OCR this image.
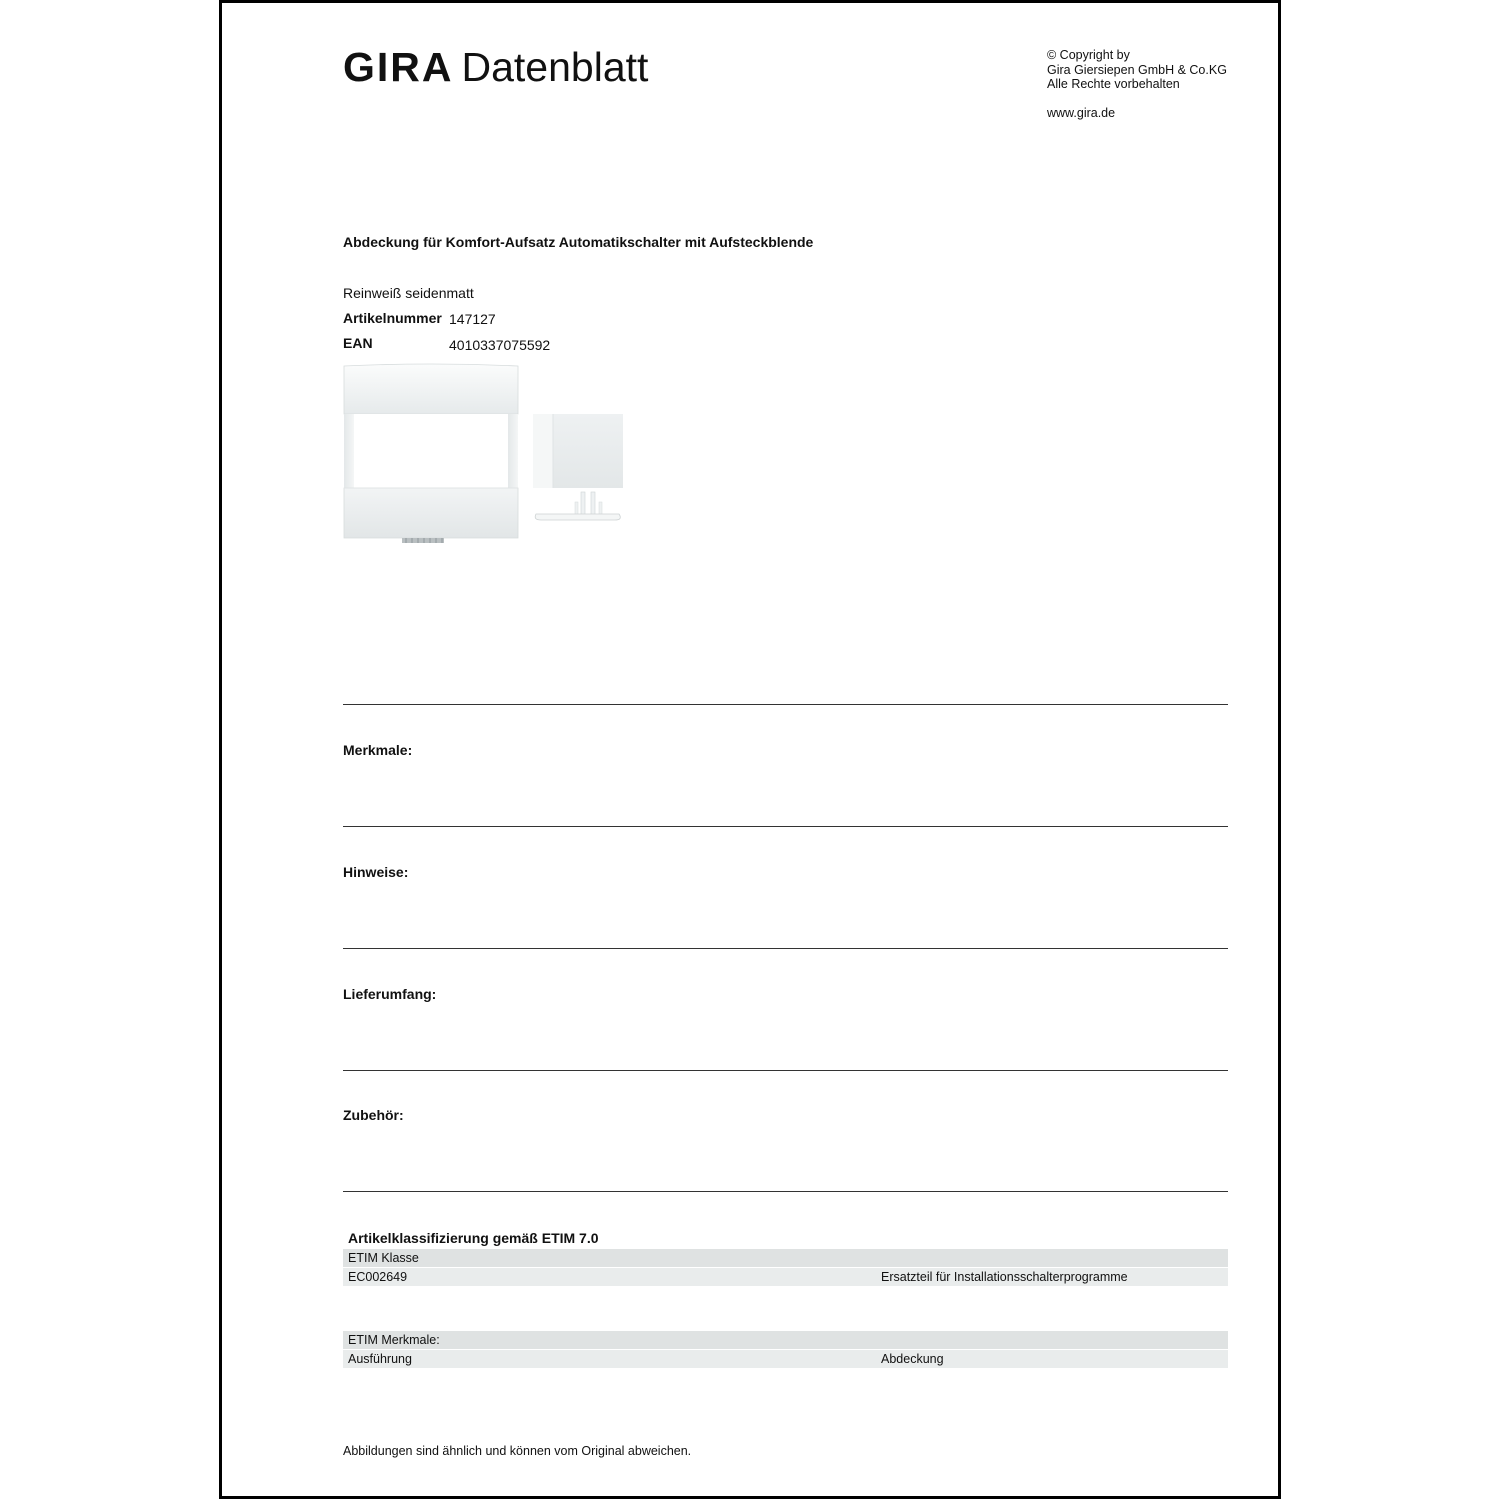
GIRA Datenblatt	© Copyright by
Gira Giersiepen GmbH & Co.KG
Alle Rechte vorbehalten
www.gira.de
Abdeckung für Komfort-Aufsatz Automatikschalter mit Aufsteckblende
Reinweiß seidenmatt
Artikelnummer 147127
EAN	4010337075592
Merkmale:
Hinweise:
Lieferumfang:
Zubehör:
Artikelklassifizierung gemäß ETIM 7.0
ETIM Klasse
EC002649	Ersatzteil für Installationsschalterprogramme
ETIM Merkmale:
Ausführung	Abdeckung
Abbildungen sind ähnlich und können vom Original abweichen.
